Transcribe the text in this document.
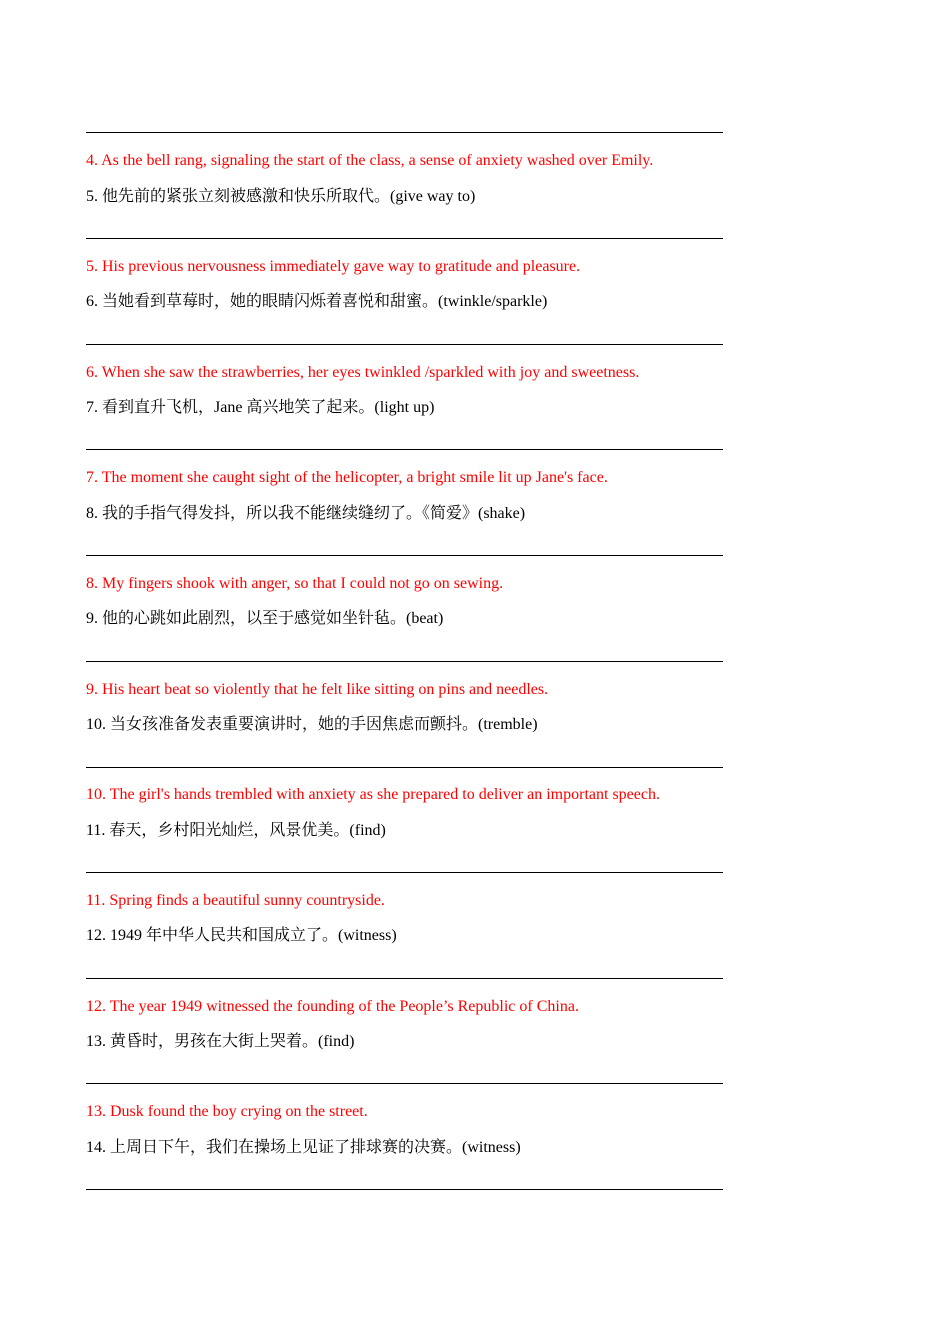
4. As the bell rang, signaling the start of the class, a sense of anxiety washed over Emily.
5. 他先前的紧张立刻被感激和快乐所取代。(give way to)
5. His previous nervousness immediately gave way to gratitude and pleasure.
6. 当她看到草莓时，她的眼睛闪烁着喜悦和甜蜜。(twinkle/sparkle)
6. When she saw the strawberries, her eyes twinkled /sparkled with joy and sweetness.
7. 看到直升飞机，Jane 高兴地笑了起来。(light up)
7. The moment she caught sight of the helicopter, a bright smile lit up Jane's face.
8. 我的手指气得发抖，所以我不能继续缝纫了。《简爱》(shake)
8. My fingers shook with anger, so that I could not go on sewing.
9. 他的心跳如此剧烈，以至于感觉如坐针毡。(beat)
9. His heart beat so violently that he felt like sitting on pins and needles.
10. 当女孩准备发表重要演讲时，她的手因焦虑而颤抖。(tremble)
10. The girl's hands trembled with anxiety as she prepared to deliver an important speech.
11. 春天，乡村阳光灿烂，风景优美。(find)
11. Spring finds a beautiful sunny countryside.
12. 1949 年中华人民共和国成立了。(witness)
12. The year 1949 witnessed the founding of the People’s Republic of China.
13. 黄昏时，男孩在大街上哭着。(find)
13. Dusk found the boy crying on the street.
14. 上周日下午，我们在操场上见证了排球赛的决赛。(witness)
